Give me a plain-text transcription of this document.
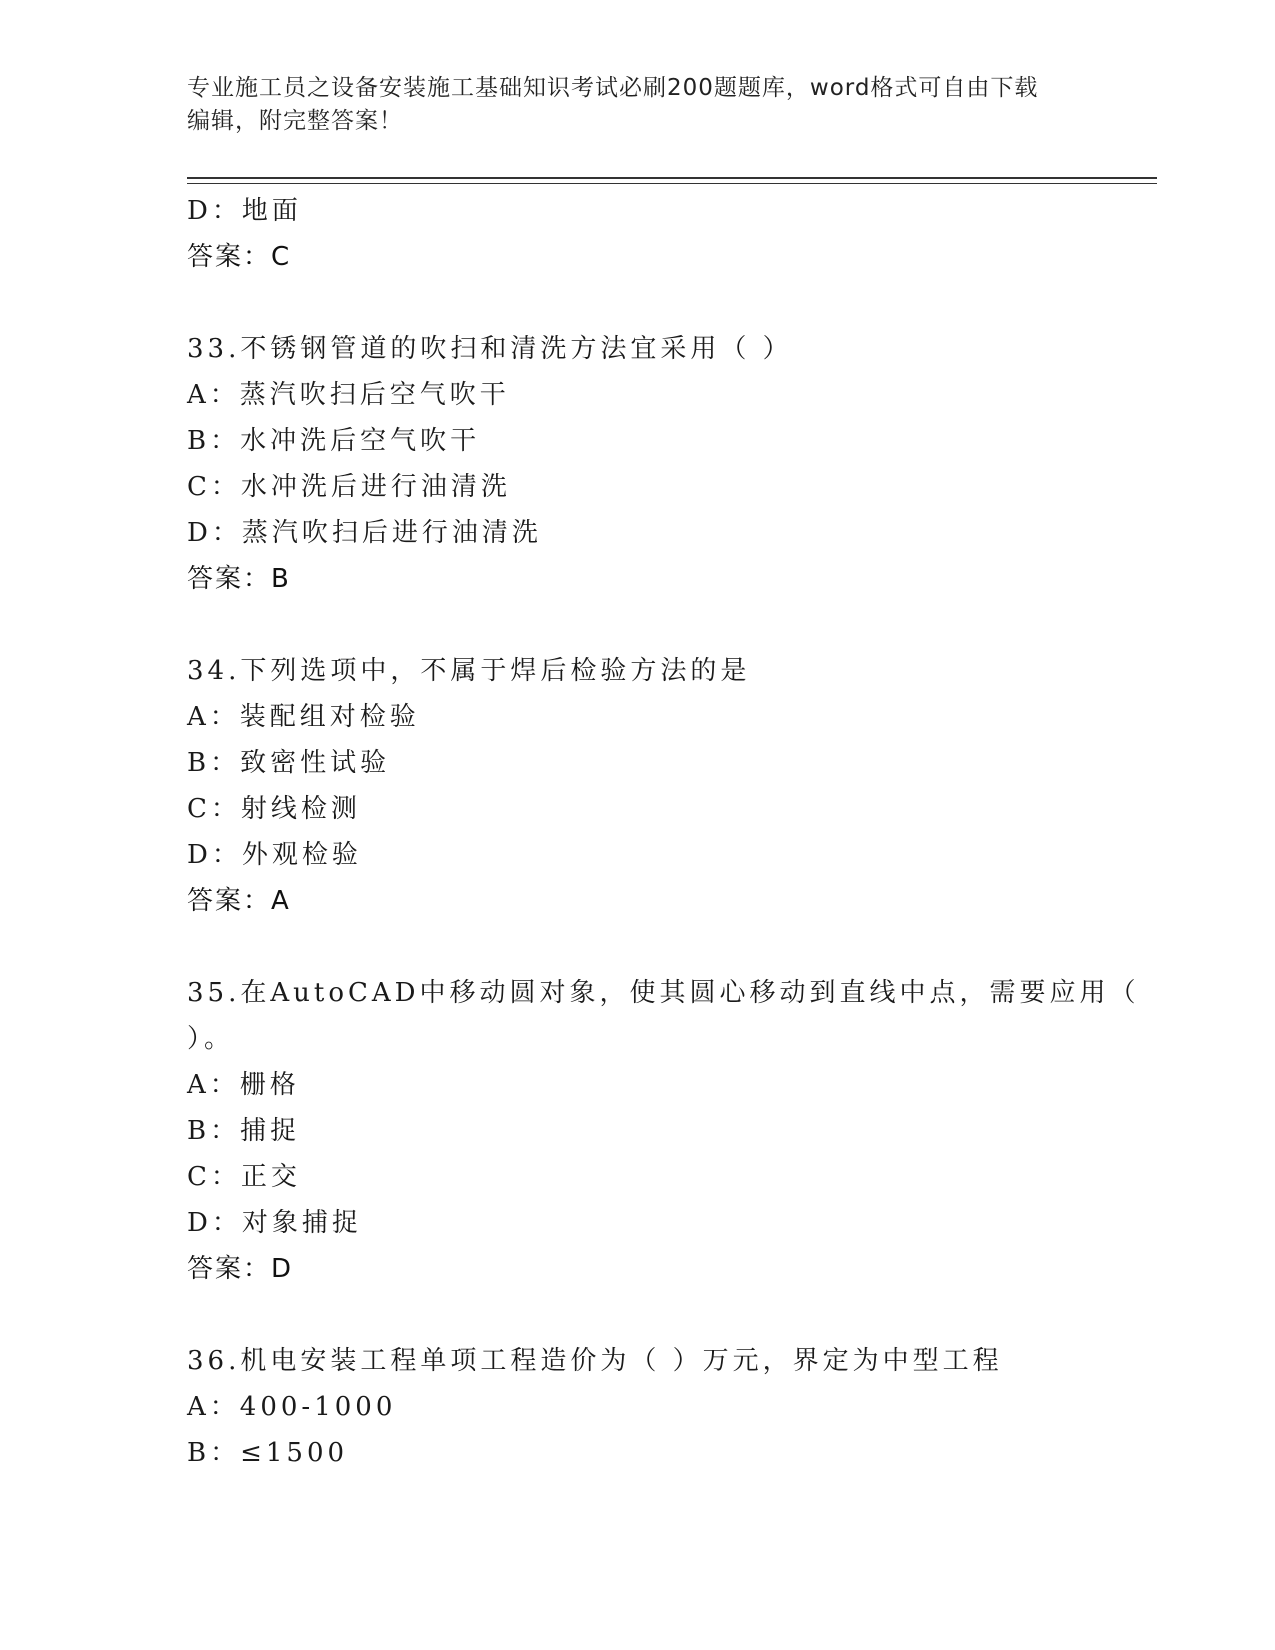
专业施工员之设备安装施工基础知识考试必刷200题题库，word格式可自由下载
编辑，附完整答案！
D：地面
答案：C
33.不锈钢管道的吹扫和清洗方法宜采用（ ）
A：蒸汽吹扫后空气吹干
B：水冲洗后空气吹干
C：水冲洗后进行油清洗
D：蒸汽吹扫后进行油清洗
答案：B
34.下列选项中，不属于焊后检验方法的是
A：装配组对检验
B：致密性试验
C：射线检测
D：外观检验
答案：A
35.在AutoCAD中移动圆对象，使其圆心移动到直线中点，需要应用（
）。
A：栅格
B：捕捉
C：正交
D：对象捕捉
答案：D
36.机电安装工程单项工程造价为（ ）万元，界定为中型工程
A：400-1000
B：≤1500
